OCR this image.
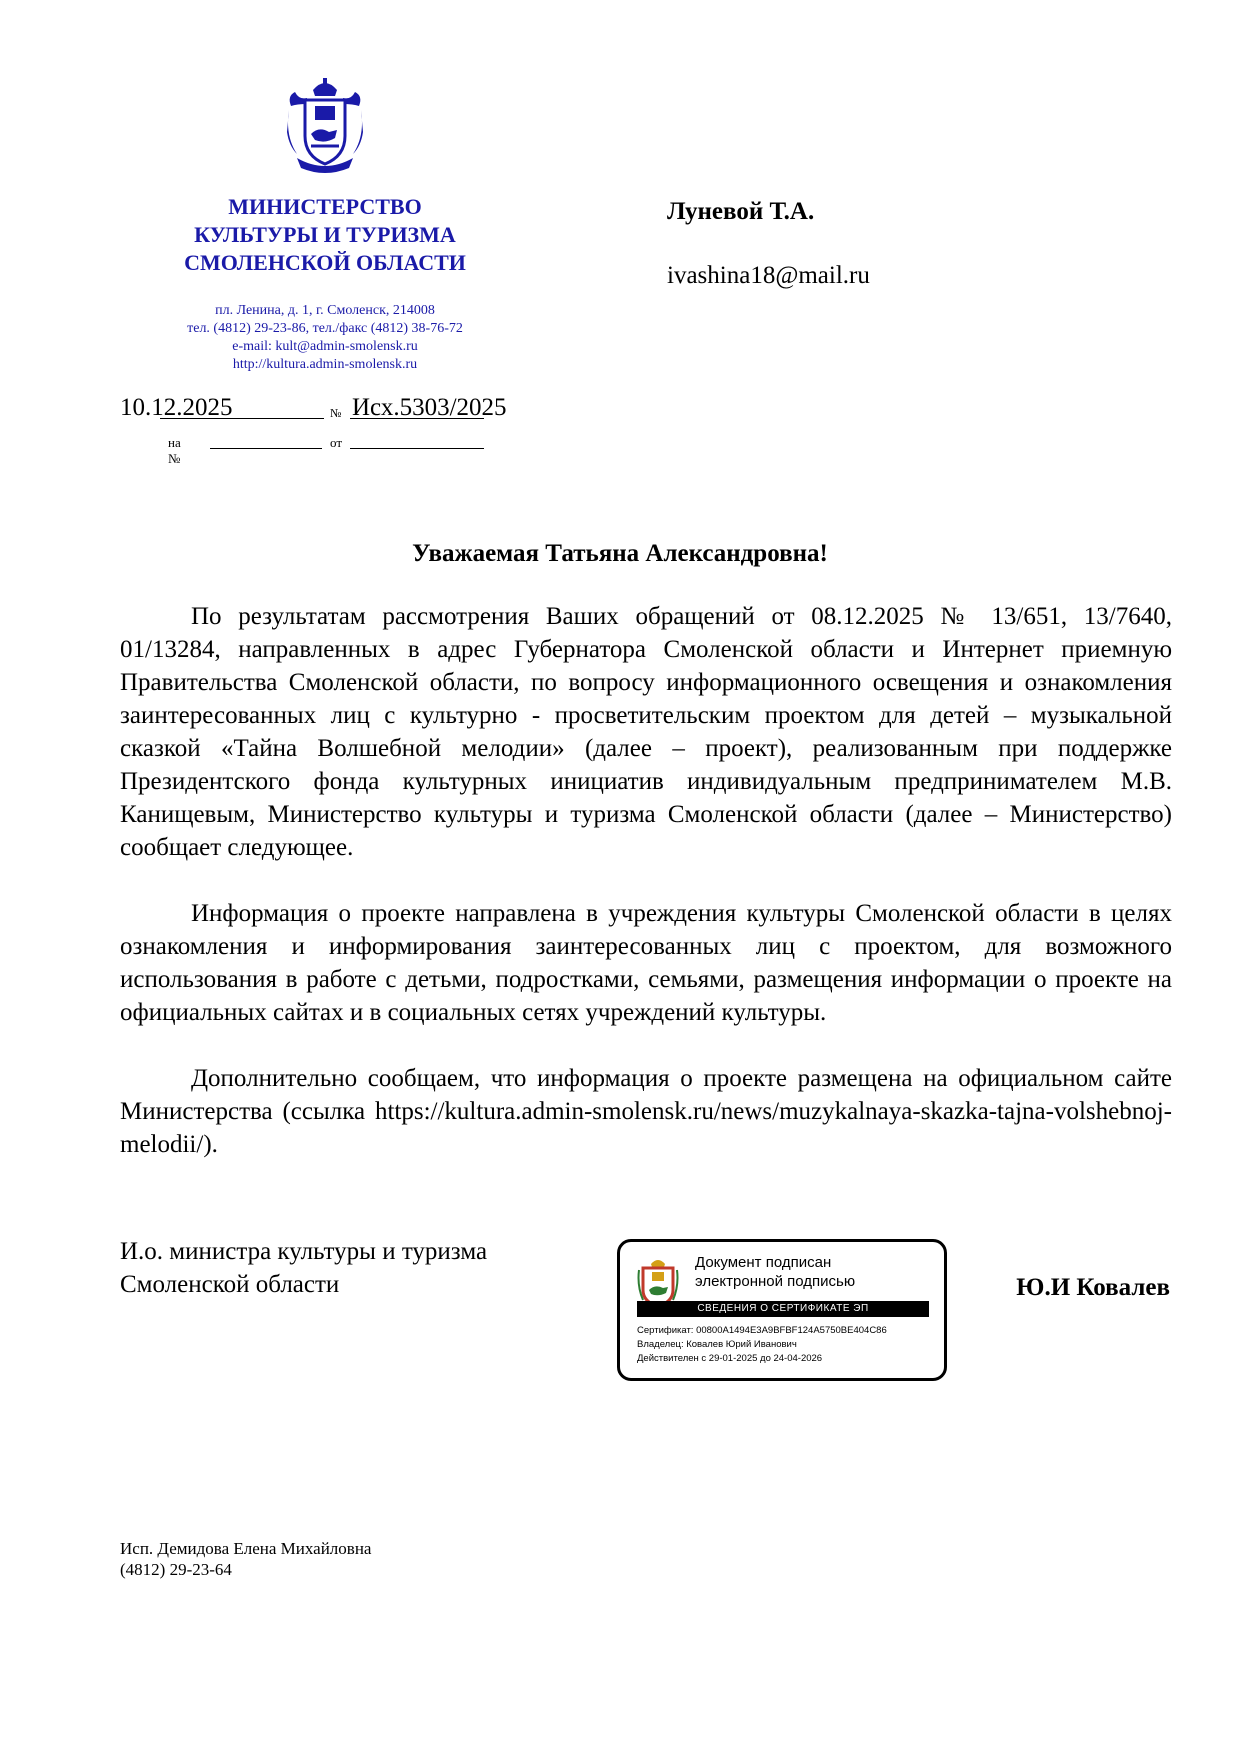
МИНИСТЕРСТВО
КУЛЬТУРЫ И ТУРИЗМА
СМОЛЕНСКОЙ ОБЛАСТИ
пл. Ленина, д. 1, г. Смоленск, 214008
тел. (4812) 29-23-86, тел./факс (4812) 38-76-72
e-mail: kult@admin-smolensk.ru
http://kultura.admin-smolensk.ru
10.12.2025	№ Исх.5303/2025
на №
от
Луневой Т.А.
ivashina18@mail.ru
Уважаемая Татьяна Александровна!

По результатам рассмотрения Ваших обращений от 08.12.2025 № 13/651, 13/7640, 01/13284, направленных в адрес Губернатора Смоленской области и Интернет приемную Правительства Смоленской области, по вопросу информационного освещения и ознакомления заинтересованных лиц с культурно - просветительским проектом для детей – музыкальной сказкой «Тайна Волшебной мелодии» (далее – проект), реализованным при поддержке Президентского фонда культурных инициатив индивидуальным предпринимателем М.В. Канищевым, Министерство культуры и туризма Смоленской области (далее – Министерство) сообщает следующее.

Информация о проекте направлена в учреждения культуры Смоленской области в целях ознакомления и информирования заинтересованных лиц с проектом, для возможного использования в работе с детьми, подростками, семьями, размещения информации о проекте на официальных сайтах и в социальных сетях учреждений культуры.

Дополнительно сообщаем, что информация о проекте размещена на официальном сайте Министерства (ссылка https://kultura.admin-smolensk.ru/news/muzykalnaya-skazka-tajna-volshebnoj-melodii/).

И.о. министра культуры и туризма
Смоленской области
Документ подписан
электронной подписью
СВЕДЕНИЯ О СЕРТИФИКАТЕ ЭП
Сертификат: 00800A1494E3A9BFBF124A5750BE404C86
Владелец: Ковалев Юрий Иванович
Действителен с 29-01-2025 до 24-04-2026
Ю.И Ковалев
Исп. Демидова Елена Михайловна
(4812) 29-23-64
